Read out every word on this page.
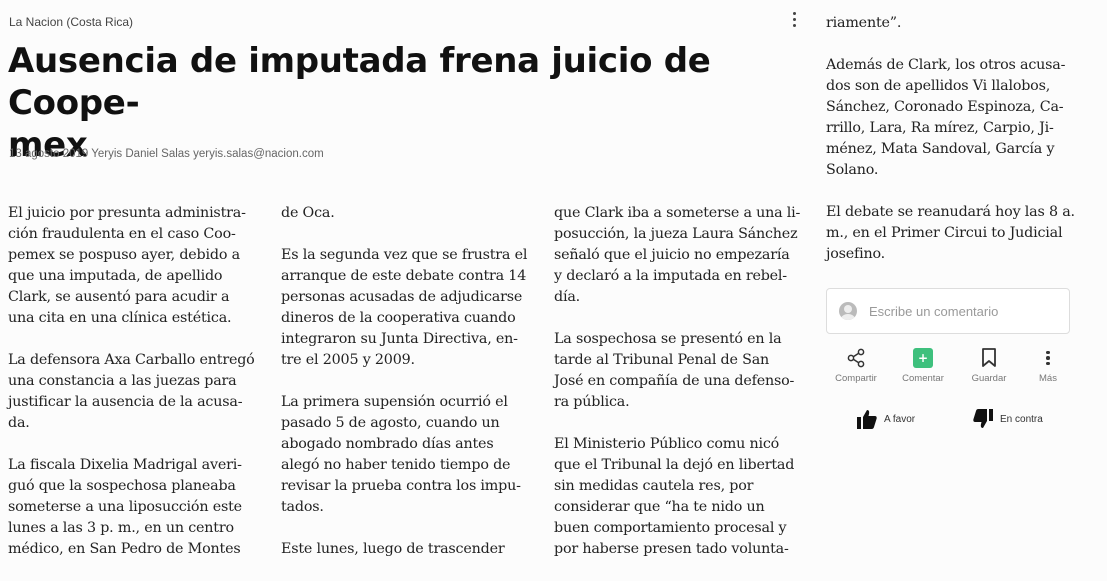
La Nacion (Costa Rica)
Ausencia de imputada frena juicio de Coope-
mex
13 agosto 2019 Yeryis Daniel Salas yeryis.salas@nacion.com

El juicio por presunta administra-
ción fraudulenta en el caso Coo-
pemex se pospuso ayer, debido a
que una imputada, de apellido
Clark, se ausentó para acudir a
una cita en una clínica estética.

La defensora Axa Carballo entregó
una constancia a las juezas para
justificar la ausencia de la acusa-
da.

La fiscala Dixelia Madrigal averi-
guó que la sospechosa planeaba
someterse a una liposucción este
lunes a las 3 p. m., en un centro
médico, en San Pedro de Montes

de Oca.

Es la segunda vez que se frustra el
arranque de este debate contra 14
personas acusadas de adjudicarse
dineros de la cooperativa cuando
integraron su Junta Directiva, en-
tre el 2005 y 2009.

La primera supensión ocurrió el
pasado 5 de agosto, cuando un
abogado nombrado días antes
alegó no haber tenido tiempo de
revisar la prueba contra los impu-
tados.

Este lunes, luego de trascender

que Clark iba a someterse a una li-
posucción, la jueza Laura Sánchez
señaló que el juicio no empezaría
y declaró a la imputada en rebel-
día.

La sospechosa se presentó en la
tarde al Tribunal Penal de San
José en compañía de una defenso-
ra pública.

El Ministerio Público comu nicó
que el Tribunal la dejó en libertad
sin medidas cautela res, por
considerar que “ha te nido un
buen comportamiento procesal y
por haberse presen tado volunta-

riamente”.

Además de Clark, los otros acusa-
dos son de apellidos Vi llalobos,
Sánchez, Coronado Espinoza, Ca-
rrillo, Lara, Ra mírez, Carpio, Ji-
ménez, Mata Sandoval, García y
Solano.

El debate se reanudará hoy las 8 a.
m., en el Primer Circui to Judicial
josefino.

Escribe un comentario
Compartir
+
Comentar	Guardar	Más
A favor	En contra
